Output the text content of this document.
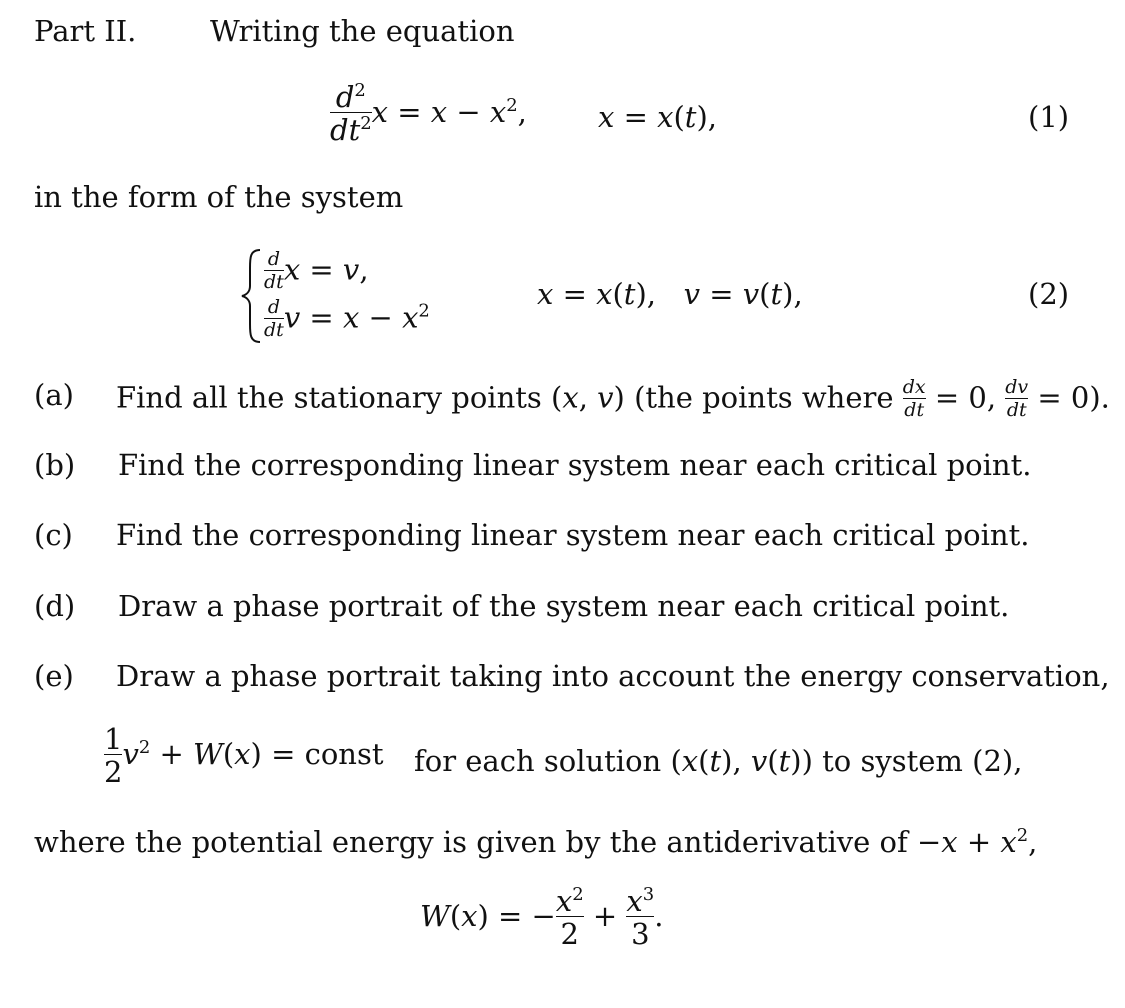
Part II.	Writing the equation
$\frac{d^2}{dt^2}$ $x = x - x^2$, x = x(t),	(1)
in the form of the system
$\frac{d}{dt}$ x = v,
$\frac{d}{dt}$ $v = x - x^2$
x = x(t),   v = v(t),	(2)
(a) Find all the stationary points (x, v) (the points where $\frac{dx}{dt} = 0$, $\frac{dv}{dt} = 0$).
(b) Find the corresponding linear system near each critical point.
(c) Find the corresponding linear system near each critical point.
(d) Draw a phase portrait of the system near each critical point.
(e) Draw a phase portrait taking into account the energy conservation,
$\frac{1}{2} v^2 + W(x)$ = const for each solution (x(t), v(t)) to system (2),
where the potential energy is given by the antiderivative of $-x + x^2$,
W(x) = − $\frac{x^2}{2} + \frac{x^3}{3}$ .
